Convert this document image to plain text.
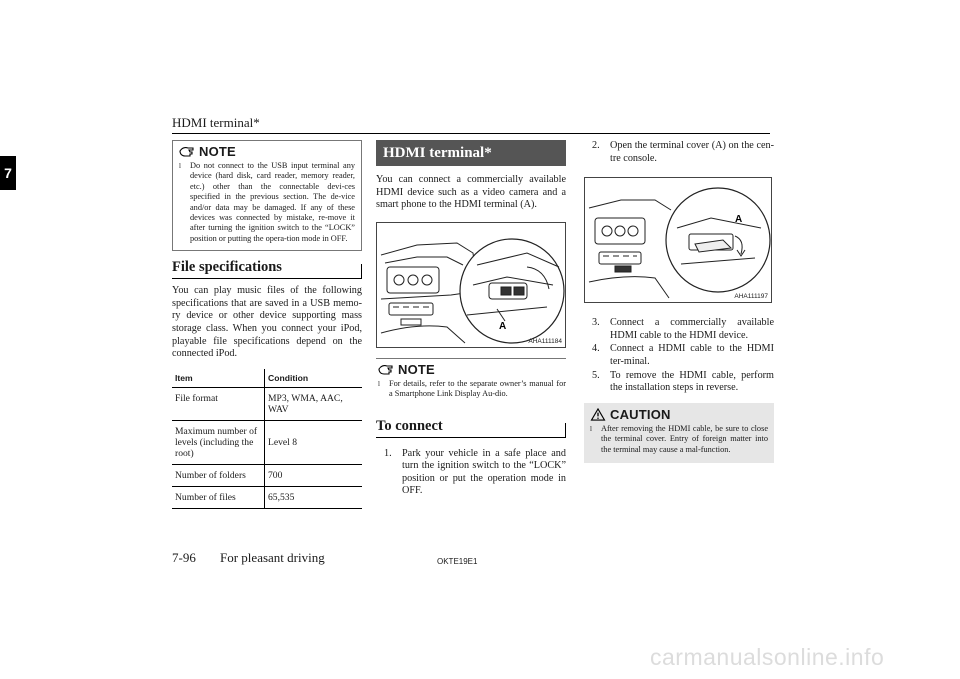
HDMI terminal*
7
NOTE
l	Do not connect to the USB input terminal any device (hard disk, card reader, memory reader, etc.) other than the connectable devi-ces specified in the previous section. The de-vice and/or data may be damaged. If any of these devices was connected by mistake, re-move it after turning the ignition switch to the “LOCK” position or putting the opera-tion mode in OFF.
File specifications

You can play music files of the following specifications that are saved in a USB memo-ry device or other device supporting mass storage class. When you connect your iPod, playable file specifications depend on the connected iPod.

Item	Condition
File format	MP3, WMA, AAC, WAV
Maximum number of levels (including the root)	Level 8
Number of folders	700
Number of files	65,535
HDMI terminal*

You can connect a commercially available HDMI device such as a video camera and a smart phone to the HDMI terminal (A).

A
AHA111184
NOTE
l	For details, refer to the separate owner’s manual for a Smartphone Link Display Au-dio.
To connect
1.	Park your vehicle in a safe place and turn the ignition switch to the “LOCK” position or put the operation mode in OFF.
2.	Open the terminal cover (A) on the cen-tre console.
A
AHA111197
3.	Connect a commercially available HDMI cable to the HDMI device.
4.	Connect a HDMI cable to the HDMI ter-minal.
5.	To remove the HDMI cable, perform the installation steps in reverse.
CAUTION
l	After removing the HDMI cable, be sure to close the terminal cover. Entry of foreign matter into the terminal may cause a mal-function.
7-96 For pleasant driving	OKTE19E1
carmanualsonline.info
